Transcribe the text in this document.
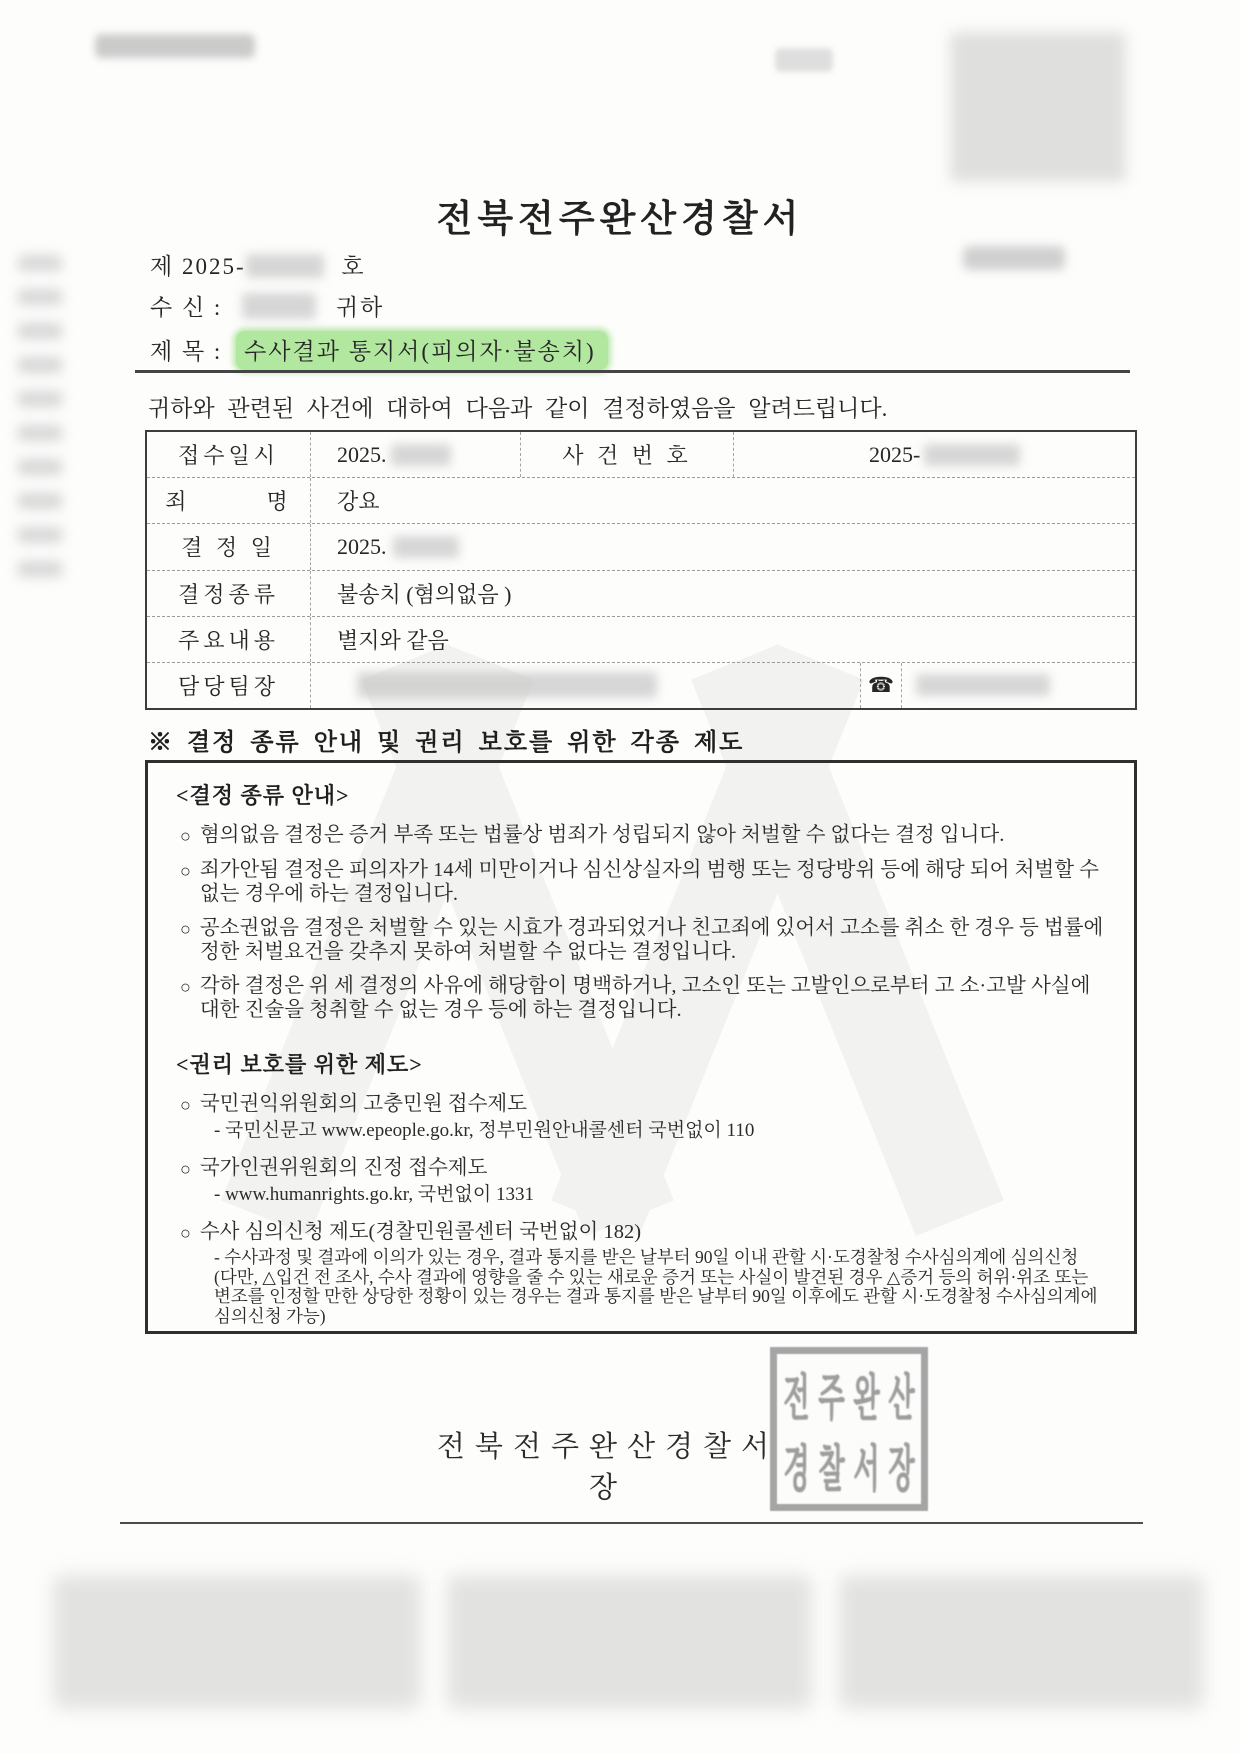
전북전주완산경찰서
제 2025-	호
수 신 :	귀하
제 목 : 수사결과 통지서(피의자·불송치)
귀하와 관련된 사건에 대하여 다음과 같이 결정하였음을 알려드립니다.
접수일시	2025.	사 건 번 호	2025-
죄        명	강요
결 정 일	2025.
결정종류	불송치 (혐의없음 )
주요내용	별지와 같음
담당팀장	☎
※ 결정 종류 안내 및 권리 보호를 위한 각종 제도
<결정 종류 안내>
○ 혐의없음 결정은 증거 부족 또는 법률상 범죄가 성립되지 않아 처벌할 수 없다는 결정 입니다.
○ 죄가안됨 결정은 피의자가 14세 미만이거나 심신상실자의 범행 또는 정당방위 등에 해당 되어 처벌할 수 없는 경우에 하는 결정입니다.
○ 공소권없음 결정은 처벌할 수 있는 시효가 경과되었거나 친고죄에 있어서 고소를 취소 한 경우 등 법률에 정한 처벌요건을 갖추지 못하여 처벌할 수 없다는 결정입니다.
○ 각하 결정은 위 세 결정의 사유에 해당함이 명백하거나, 고소인 또는 고발인으로부터 고 소·고발 사실에 대한 진술을 청취할 수 없는 경우 등에 하는 결정입니다.
<권리 보호를 위한 제도>
○ 국민권익위원회의 고충민원 접수제도
- 국민신문고 www.epeople.go.kr, 정부민원안내콜센터 국번없이 110
○ 국가인권위원회의 진정 접수제도
- www.humanrights.go.kr, 국번없이 1331
○ 수사 심의신청 제도(경찰민원콜센터 국번없이 182)
- 수사과정 및 결과에 이의가 있는 경우, 결과 통지를 받은 날부터 90일 이내 관할 시·도경찰청 수사심의계에 심의신청 (다만, △입건 전 조사, 수사 결과에 영향을 줄 수 있는 새로운 증거 또는 사실이 발견된 경우 △증거 등의 허위·위조 또는 변조를 인정할 만한 상당한 정황이 있는 경우는 결과 통지를 받은 날부터 90일 이후에도 관할 시·도경찰청 수사심의계에 심의신청 가능)
전북전주완산경찰서장
전 주 완 산
경 찰 서 장
